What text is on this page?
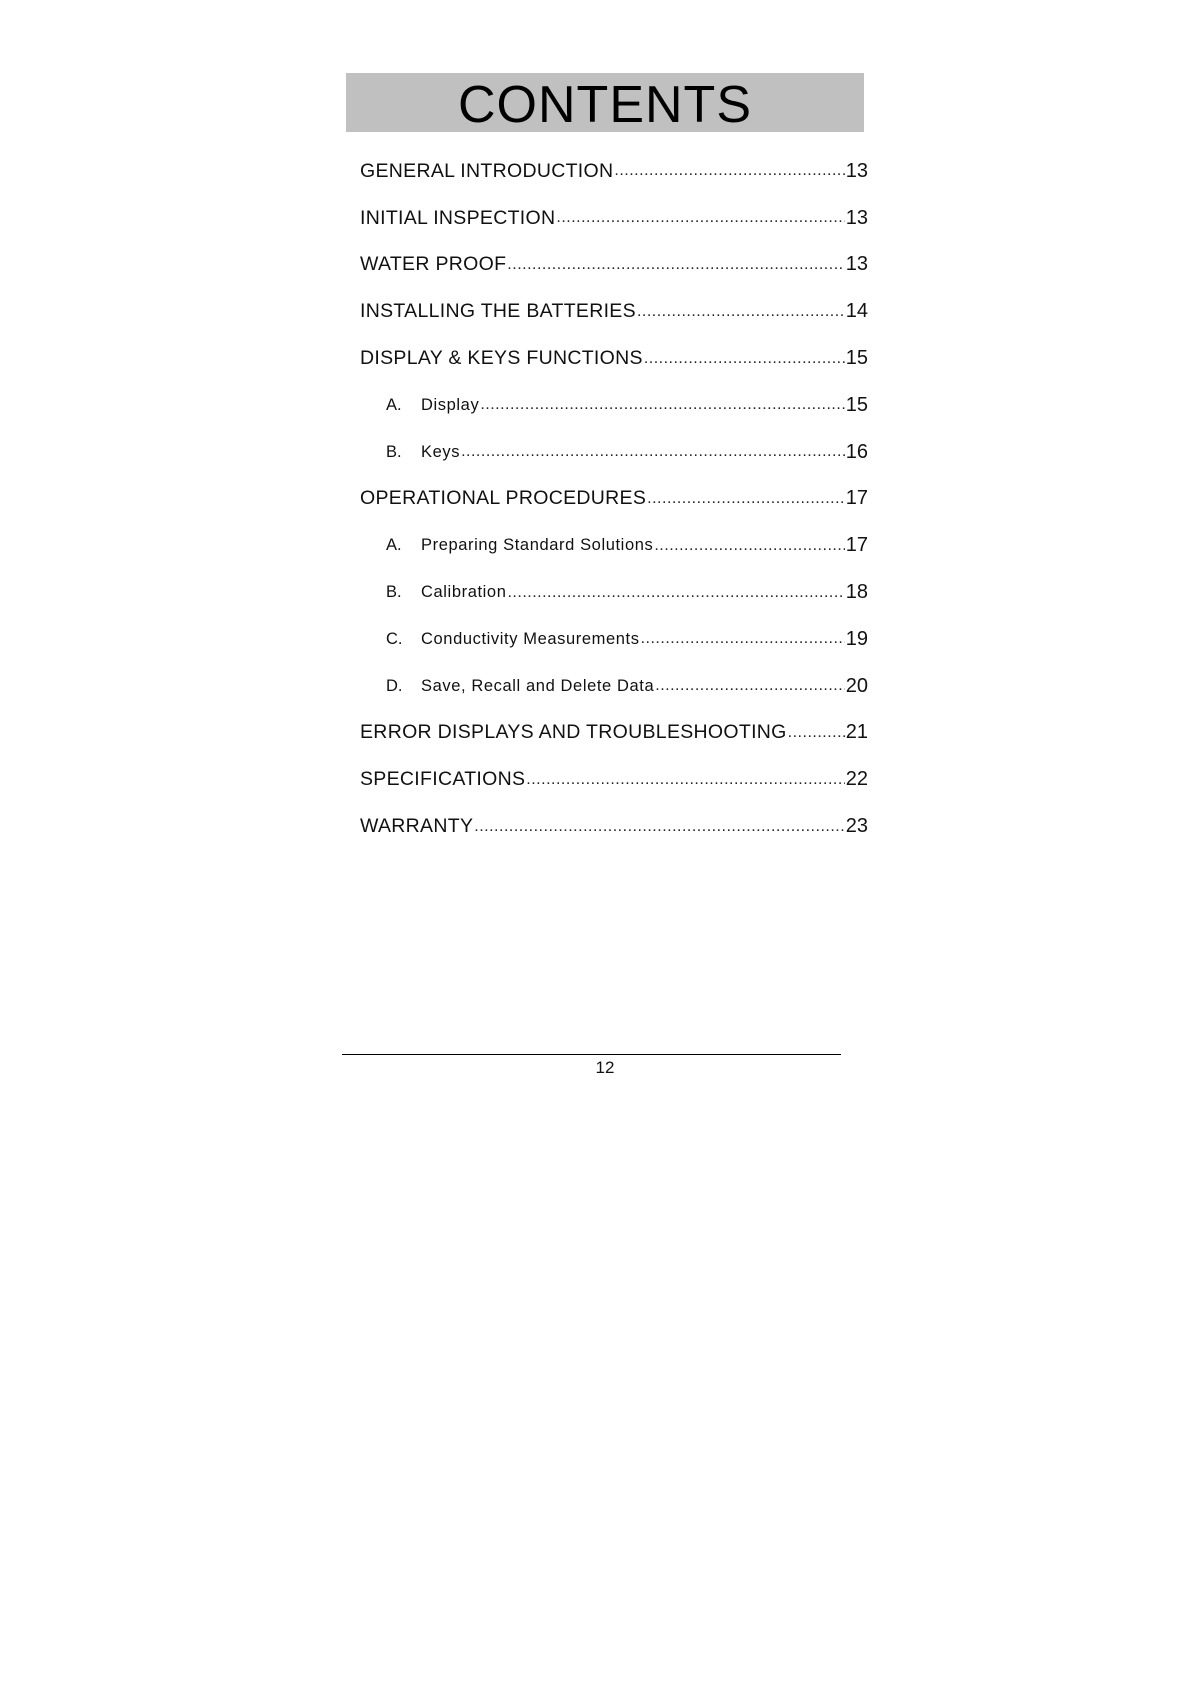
CONTENTS
GENERAL INTRODUCTION .....	13
INITIAL INSPECTION .....	13
WATER PROOF .....	13
INSTALLING THE BATTERIES .....	14
DISPLAY & KEYS FUNCTIONS .....	15
A.	Display .....	15
B.	Keys .....	16
OPERATIONAL PROCEDURES .....	17
A.	Preparing Standard Solutions .....	17
B.	Calibration .....	18
C.	Conductivity Measurements .....	19
D.	Save, Recall and Delete Data .....	20
ERROR DISPLAYS AND TROUBLESHOOTING .....	21
SPECIFICATIONS .....	22
WARRANTY .....	23
12
